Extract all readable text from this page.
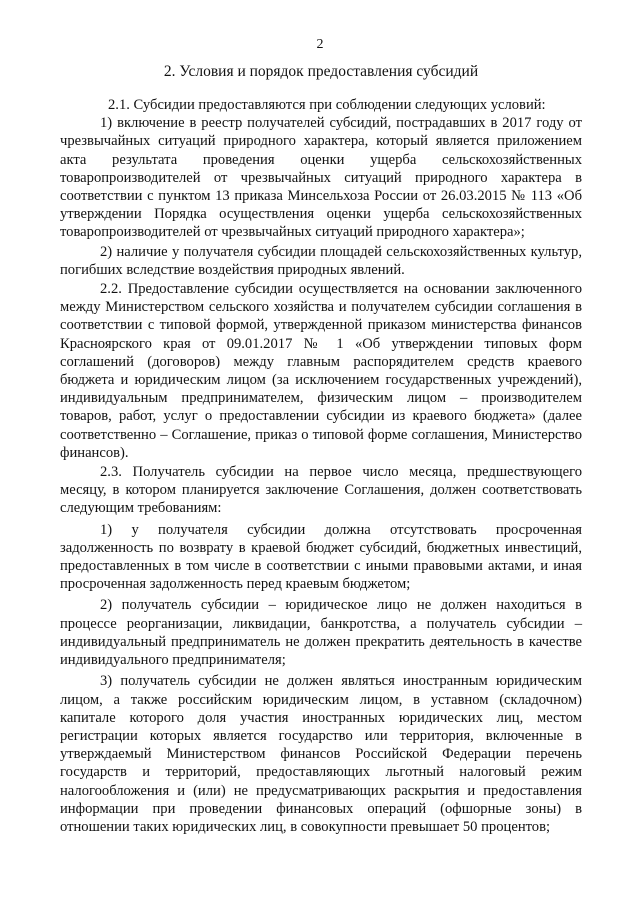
2
2. Условия и порядок предоставления субсидий

2.1. Субсидии предоставляются при соблюдении следующих условий:

1) включение в реестр получателей субсидий, пострадавших в 2017 году от чрезвычайных ситуаций природного характера, который является приложением акта результата проведения оценки ущерба сельскохозяйственных товаропроизводителей от чрезвычайных ситуаций природного характера в соответствии с пунктом 13 приказа Минсельхоза России от 26.03.2015 № 113 «Об утверждении Порядка осуществления оценки ущерба сельскохозяйственных товаропроизводителей от чрезвычайных ситуаций природного характера»;

2) наличие у получателя субсидии площадей сельскохозяйственных культур, погибших вследствие воздействия природных явлений.

2.2. Предоставление субсидии осуществляется на основании заключенного между Министерством сельского хозяйства и получателем субсидии соглашения в соответствии с типовой формой, утвержденной приказом министерства финансов Красноярского края от 09.01.2017 № 1 «Об утверждении типовых форм соглашений (договоров) между главным распорядителем средств краевого бюджета и юридическим лицом (за исключением государственных учреждений), индивидуальным предпринимателем, физическим лицом – производителем товаров, работ, услуг о предоставлении субсидии из краевого бюджета» (далее соответственно – Соглашение, приказ о типовой форме соглашения, Министерство финансов).

2.3. Получатель субсидии на первое число месяца, предшествующего месяцу, в котором планируется заключение Соглашения, должен соответствовать следующим требованиям:

1) у получателя субсидии должна отсутствовать просроченная задолженность по возврату в краевой бюджет субсидий, бюджетных инвестиций, предоставленных в том числе в соответствии с иными правовыми актами, и иная просроченная задолженность перед краевым бюджетом;

2) получатель субсидии – юридическое лицо не должен находиться в процессе реорганизации, ликвидации, банкротства, а получатель субсидии – индивидуальный предприниматель не должен прекратить деятельность в качестве индивидуального предпринимателя;

3) получатель субсидии не должен являться иностранным юридическим лицом, а также российским юридическим лицом, в уставном (складочном) капитале которого доля участия иностранных юридических лиц, местом регистрации которых является государство или территория, включенные в утверждаемый Министерством финансов Российской Федерации перечень государств и территорий, предоставляющих льготный налоговый режим налогообложения и (или) не предусматривающих раскрытия и предоставления информации при проведении финансовых операций (офшорные зоны) в отношении таких юридических лиц, в совокупности превышает 50 процентов;
